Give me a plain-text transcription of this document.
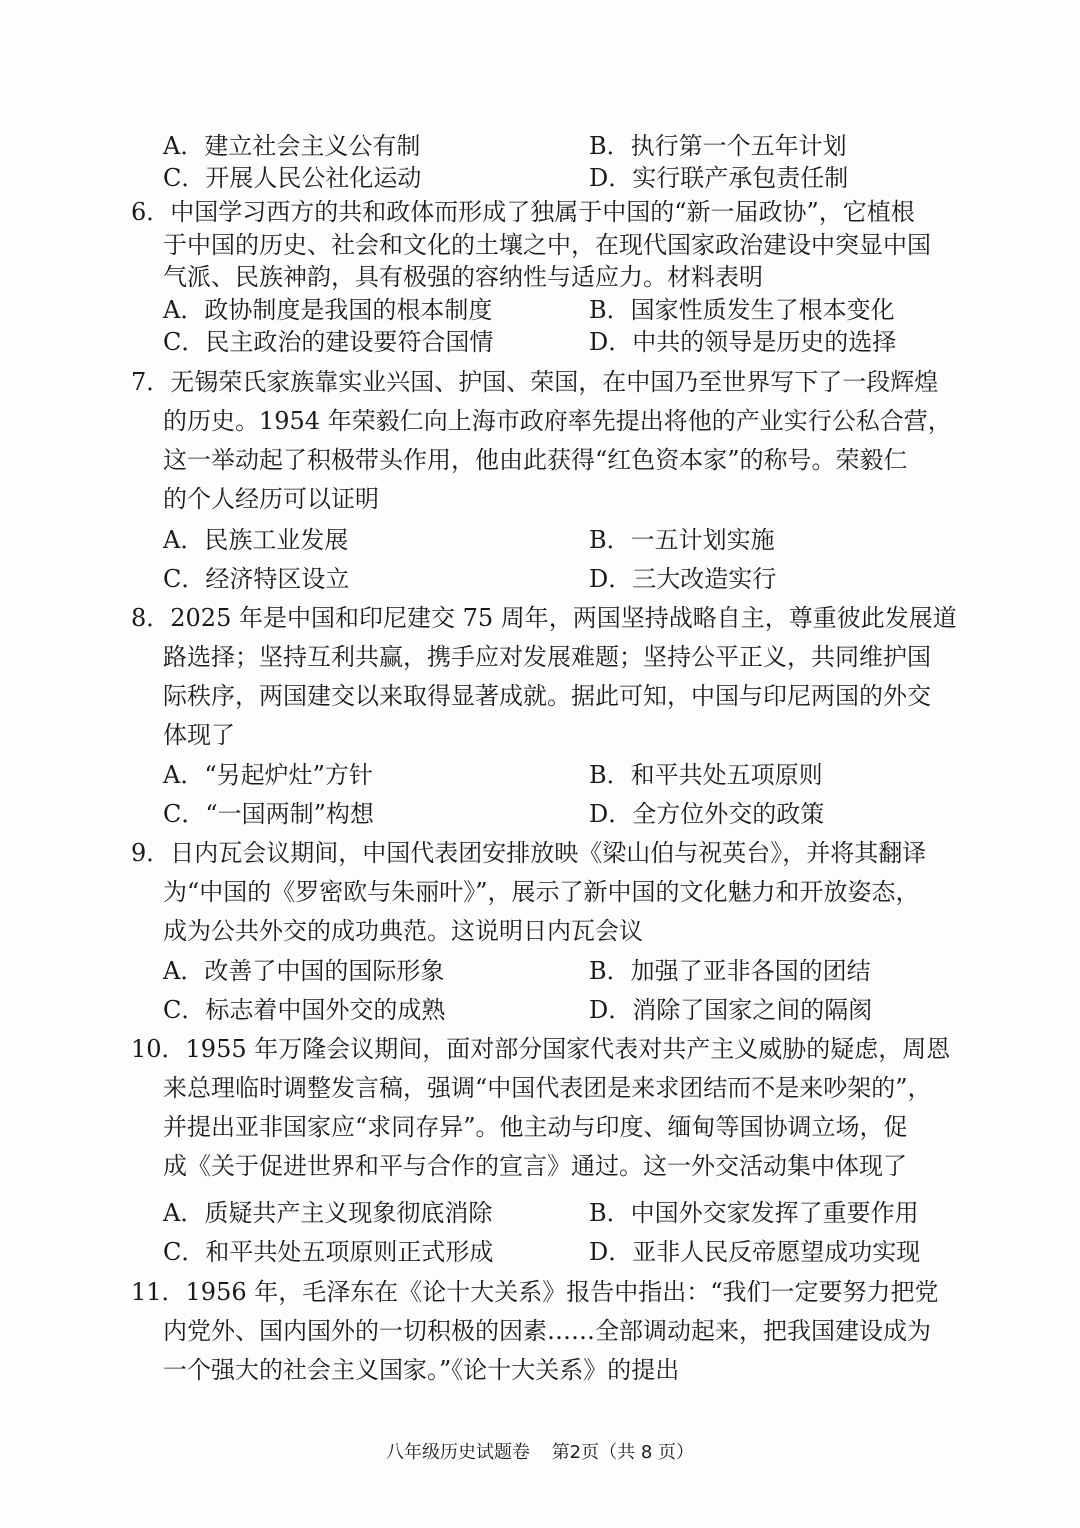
A．建立社会主义公有制	B．执行第一个五年计划
C．开展人民公社化运动	D．实行联产承包责任制
6．中国学习西方的共和政体而形成了独属于中国的“新一届政协”，它植根
于中国的历史、社会和文化的土壤之中，在现代国家政治建设中突显中国
气派、民族神韵，具有极强的容纳性与适应力。材料表明
A．政协制度是我国的根本制度	B．国家性质发生了根本变化
C．民主政治的建设要符合国情	D．中共的领导是历史的选择
7．无锡荣氏家族靠实业兴国、护国、荣国，在中国乃至世界写下了一段辉煌
的历史。1954 年荣毅仁向上海市政府率先提出将他的产业实行公私合营，
这一举动起了积极带头作用，他由此获得“红色资本家”的称号。荣毅仁
的个人经历可以证明
A．民族工业发展	B．一五计划实施
C．经济特区设立	D．三大改造实行
8．2025 年是中国和印尼建交 75 周年，两国坚持战略自主，尊重彼此发展道
路选择；坚持互利共赢，携手应对发展难题；坚持公平正义，共同维护国
际秩序，两国建交以来取得显著成就。据此可知，中国与印尼两国的外交
体现了
A．“另起炉灶”方针	B．和平共处五项原则
C．“一国两制”构想	D．全方位外交的政策
9．日内瓦会议期间，中国代表团安排放映《梁山伯与祝英台》，并将其翻译
为“中国的《罗密欧与朱丽叶》”，展示了新中国的文化魅力和开放姿态，
成为公共外交的成功典范。这说明日内瓦会议
A．改善了中国的国际形象	B．加强了亚非各国的团结
C．标志着中国外交的成熟	D．消除了国家之间的隔阂
10．1955 年万隆会议期间，面对部分国家代表对共产主义威胁的疑虑，周恩
来总理临时调整发言稿，强调“中国代表团是来求团结而不是来吵架的”，
并提出亚非国家应“求同存异”。他主动与印度、缅甸等国协调立场，促
成《关于促进世界和平与合作的宣言》通过。这一外交活动集中体现了
A．质疑共产主义现象彻底消除	B．中国外交家发挥了重要作用
C．和平共处五项原则正式形成	D．亚非人民反帝愿望成功实现
11．1956 年，毛泽东在《论十大关系》报告中指出：“我们一定要努力把党
内党外、国内国外的一切积极的因素……全部调动起来，把我国建设成为
一个强大的社会主义国家。”《论十大关系》的提出
八年级历史试题卷 第2页（共 8 页）
